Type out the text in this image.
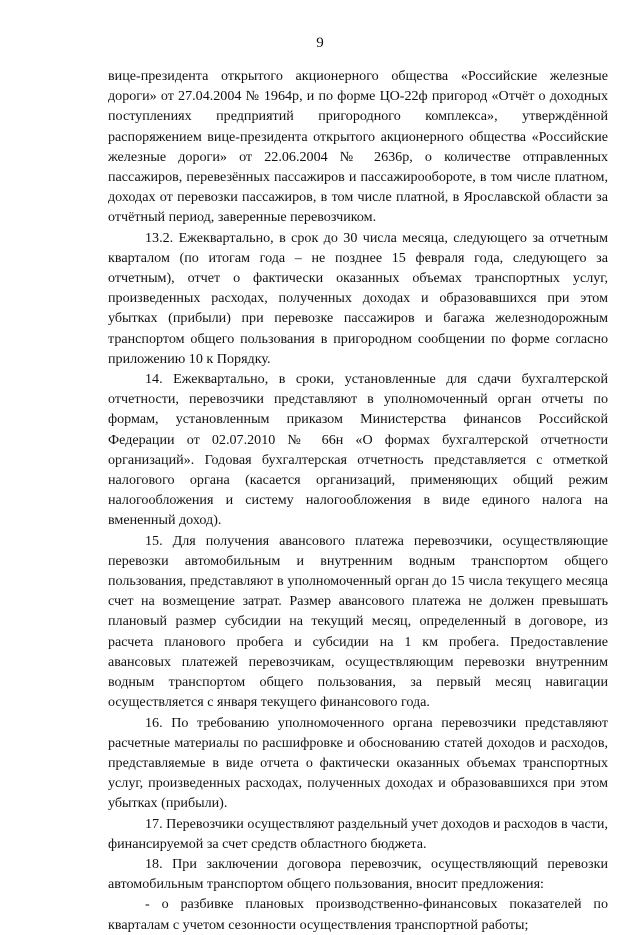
9

вице-президента открытого акционерного общества «Российские железные дороги» от 27.04.2004 № 1964р, и по форме ЦО-22ф пригород «Отчёт о доходных поступлениях предприятий пригородного комплекса», утверждённой распоряжением вице-президента открытого акционерного общества «Российские железные дороги» от 22.06.2004 № 2636р, о количестве отправленных пассажиров, перевезённых пассажиров и пассажирообороте, в том числе платном, доходах от перевозки пассажиров, в том числе платной, в Ярославской области за отчётный период, заверенные перевозчиком.

13.2. Ежеквартально, в срок до 30 числа месяца, следующего за отчетным кварталом (по итогам года – не позднее 15 февраля года, следующего за отчетным), отчет о фактически оказанных объемах транспортных услуг, произведенных расходах, полученных доходах и образовавшихся при этом убытках (прибыли) при перевозке пассажиров и багажа железнодорожным транспортом общего пользования в пригородном сообщении по форме согласно приложению 10 к Порядку.

14. Ежеквартально, в сроки, установленные для сдачи бухгалтерской отчетности, перевозчики представляют в уполномоченный орган отчеты по формам, установленным приказом Министерства финансов Российской Федерации от 02.07.2010 № 66н «О формах бухгалтерской отчетности организаций». Годовая бухгалтерская отчетность представляется с отметкой налогового органа (касается организаций, применяющих общий режим налогообложения и систему налогообложения в виде единого налога на вмененный доход).

15. Для получения авансового платежа перевозчики, осуществляющие перевозки автомобильным и внутренним водным транспортом общего пользования, представляют в уполномоченный орган до 15 числа текущего месяца счет на возмещение затрат. Размер авансового платежа не должен превышать плановый размер субсидии на текущий месяц, определенный в договоре, из расчета планового пробега и субсидии на 1 км пробега. Предоставление авансовых платежей перевозчикам, осуществляющим перевозки внутренним водным транспортом общего пользования, за первый месяц навигации осуществляется с января текущего финансового года.

16. По требованию уполномоченного органа перевозчики представляют расчетные материалы по расшифровке и обоснованию статей доходов и расходов, представляемые в виде отчета о фактически оказанных объемах транспортных услуг, произведенных расходах, полученных доходах и образовавшихся при этом убытках (прибыли).

17. Перевозчики осуществляют раздельный учет доходов и расходов в части, финансируемой за счет средств областного бюджета.

18. При заключении договора перевозчик, осуществляющий перевозки автомобильным транспортом общего пользования, вносит предложения:

- о разбивке плановых производственно-финансовых показателей по кварталам с учетом сезонности осуществления транспортной работы;
